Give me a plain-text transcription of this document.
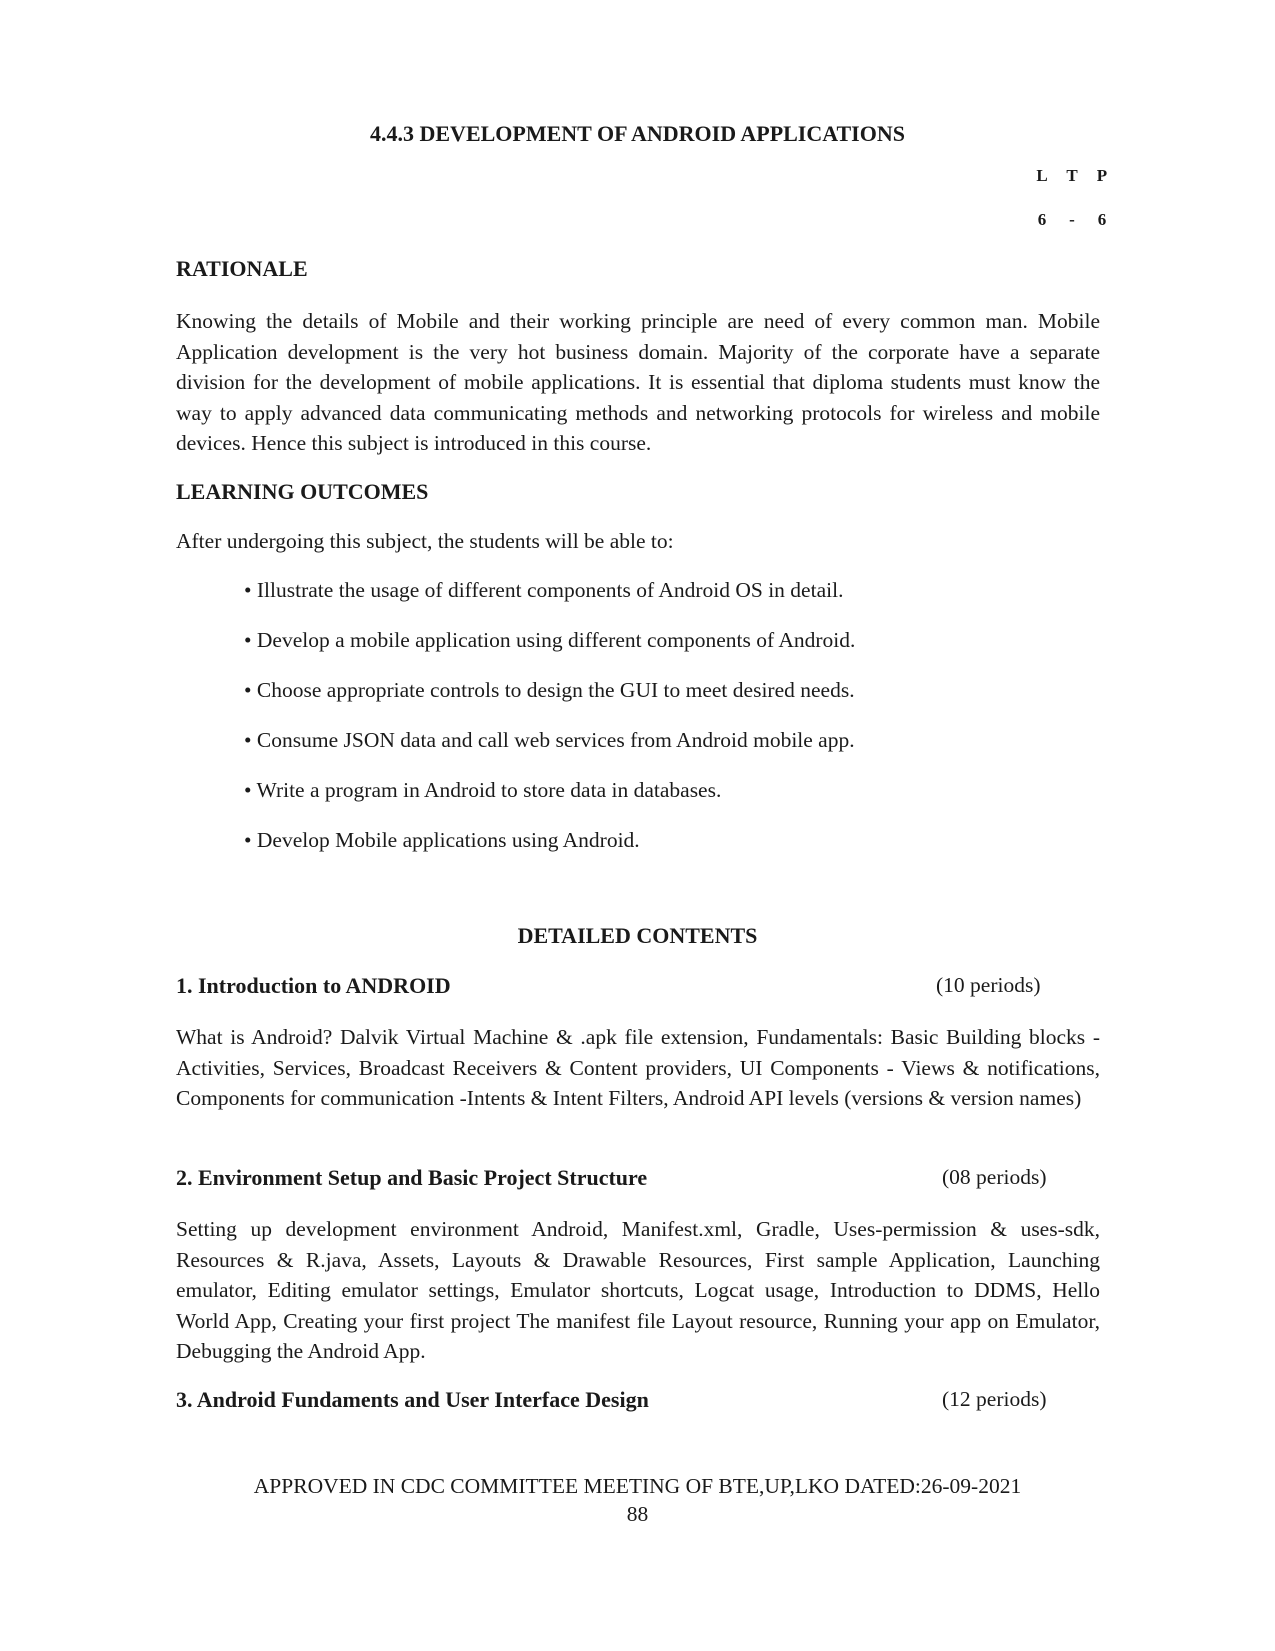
4.4.3 DEVELOPMENT OF ANDROID APPLICATIONS
L T P
6	-	6
RATIONALE
Knowing the details of Mobile and their working principle are need of every common man. Mobile Application development is the very hot business domain. Majority of the corporate have a separate division for the development of mobile applications. It is essential that diploma students must know the way to apply advanced data communicating methods and networking protocols for wireless and mobile devices. Hence this subject is introduced in this course.
LEARNING OUTCOMES
After undergoing this subject, the students will be able to:
• Illustrate the usage of different components of Android OS in detail.
• Develop a mobile application using different components of Android.
• Choose appropriate controls to design the GUI to meet desired needs.
• Consume JSON data and call web services from Android mobile app.
• Write a program in Android to store data in databases.
• Develop Mobile applications using Android.
DETAILED CONTENTS
1. Introduction to ANDROID	(10 periods)
What is Android? Dalvik Virtual Machine & .apk file extension, Fundamentals: Basic Building blocks - Activities, Services, Broadcast Receivers & Content providers, UI Components - Views & notifications, Components for communication -Intents & Intent Filters, Android API levels (versions & version names)
2. Environment Setup and Basic Project Structure	(08 periods)
Setting up development environment Android, Manifest.xml, Gradle, Uses-permission & uses-sdk, Resources & R.java, Assets, Layouts & Drawable Resources, First sample Application, Launching emulator, Editing emulator settings, Emulator shortcuts, Logcat usage, Introduction to DDMS, Hello World App, Creating your first project The manifest file Layout resource, Running your app on Emulator, Debugging the Android App.
3. Android Fundaments and User Interface Design	(12 periods)
APPROVED IN CDC COMMITTEE MEETING OF BTE,UP,LKO DATED:26-09-2021
88
